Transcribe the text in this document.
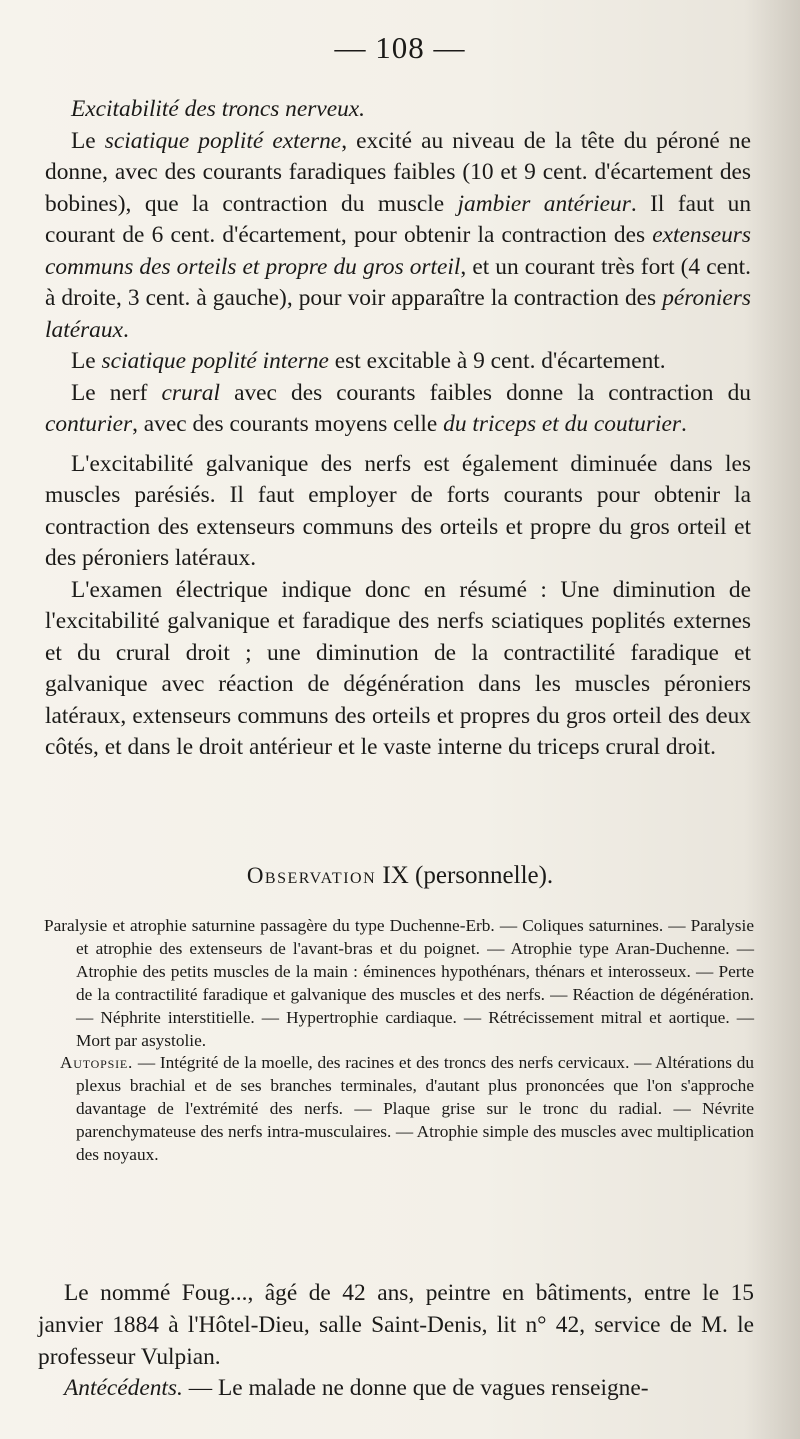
— 108 —

Excitabilité des troncs nerveux.

Le sciatique poplité externe, excité au niveau de la tête du péroné ne donne, avec des courants faradiques faibles (10 et 9 cent. d'écartement des bobines), que la contraction du muscle jambier antérieur. Il faut un courant de 6 cent. d'écartement, pour obtenir la contraction des extenseurs communs des orteils et propre du gros orteil, et un courant très fort (4 cent. à droite, 3 cent. à gauche), pour voir apparaître la contraction des péroniers latéraux.

Le sciatique poplité interne est excitable à 9 cent. d'écartement.

Le nerf crural avec des courants faibles donne la contraction du conturier, avec des courants moyens celle du triceps et du couturier.

L'excitabilité galvanique des nerfs est également diminuée dans les muscles parésiés. Il faut employer de forts courants pour obtenir la contraction des extenseurs communs des orteils et propre du gros orteil et des péroniers latéraux.

L'examen électrique indique donc en résumé : Une diminution de l'excitabilité galvanique et faradique des nerfs sciatiques poplités externes et du crural droit ; une diminution de la contractilité faradique et galvanique avec réaction de dégénération dans les muscles péroniers latéraux, extenseurs communs des orteils et propres du gros orteil des deux côtés, et dans le droit antérieur et le vaste interne du triceps crural droit.

Observation IX (personnelle).

Paralysie et atrophie saturnine passagère du type Duchenne-Erb. — Coliques saturnines. — Paralysie et atrophie des extenseurs de l'avant-bras et du poignet. — Atrophie type Aran-Duchenne. — Atrophie des petits muscles de la main : éminences hypothénars, thénars et interosseux. — Perte de la contractilité faradique et galvanique des muscles et des nerfs. — Réaction de dégénération. — Néphrite interstitielle. — Hypertrophie cardiaque. — Rétrécissement mitral et aortique. — Mort par asystolie.

Autopsie. — Intégrité de la moelle, des racines et des troncs des nerfs cervicaux. — Altérations du plexus brachial et de ses branches terminales, d'autant plus prononcées que l'on s'approche davantage de l'extrémité des nerfs. — Plaque grise sur le tronc du radial. — Névrite parenchymateuse des nerfs intra-musculaires. — Atrophie simple des muscles avec multiplication des noyaux.

Le nommé Foug..., âgé de 42 ans, peintre en bâtiments, entre le 15 janvier 1884 à l'Hôtel-Dieu, salle Saint-Denis, lit n° 42, service de M. le professeur Vulpian.

Antécédents. — Le malade ne donne que de vagues renseigne-
